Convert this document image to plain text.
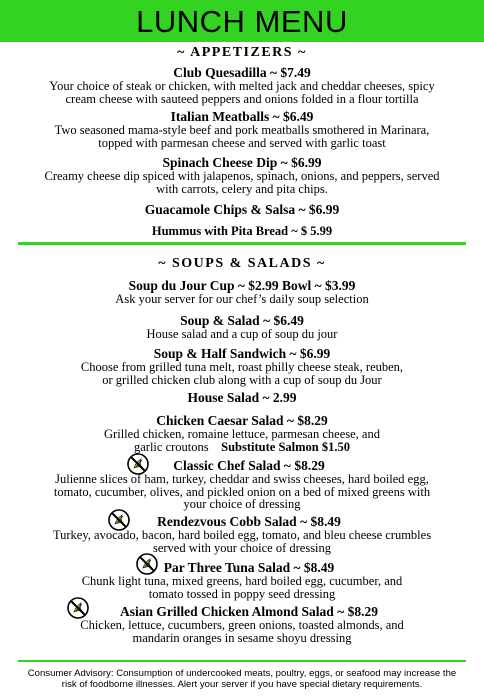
LUNCH MENU
~ APPETIZERS ~
Club Quesadilla ~ $7.49
Your choice of steak or chicken, with melted jack and cheddar cheeses, spicy
cream cheese with sauteed peppers and onions folded in a flour tortilla
Italian Meatballs ~ $6.49
Two seasoned mama-style beef and pork meatballs smothered in Marinara,
topped with parmesan cheese and served with garlic toast
Spinach Cheese Dip ~ $6.99
Creamy cheese dip spiced with jalapenos, spinach, onions, and peppers, served
with carrots, celery and pita chips.
Guacamole Chips & Salsa ~ $6.99
Hummus with Pita Bread ~ $ 5.99
~ SOUPS & SALADS ~
Soup du Jour Cup ~ $2.99 Bowl ~ $3.99
Ask your server for our chef’s daily soup selection
Soup & Salad ~ $6.49
House salad and a cup of soup du jour
Soup & Half Sandwich ~ $6.99
Choose from grilled tuna melt, roast philly cheese steak, reuben,
or grilled chicken club along with a cup of soup du Jour
House Salad ~ 2.99
Chicken Caesar Salad ~ $8.29
Grilled chicken, romaine lettuce, parmesan cheese, and
garlic croutons Substitute Salmon $1.50
Classic Chef Salad ~ $8.29
Julienne slices of ham, turkey, cheddar and swiss cheeses, hard boiled egg,
tomato, cucumber, olives, and pickled onion on a bed of mixed greens with
your choice of dressing
Rendezvous Cobb Salad ~ $8.49
Turkey, avocado, bacon, hard boiled egg, tomato, and bleu cheese crumbles
served with your choice of dressing
Par Three Tuna Salad ~ $8.49
Chunk light tuna, mixed greens, hard boiled egg, cucumber, and
tomato tossed in poppy seed dressing
Asian Grilled Chicken Almond Salad ~ $8.29
Chicken, lettuce, cucumbers, green onions, toasted almonds, and
mandarin oranges in sesame shoyu dressing
Consumer Advisory: Consumption of undercooked meats, poultry, eggs, or seafood may increase the
risk of foodborne illnesses. Alert your server if you have special dietary requirements.
